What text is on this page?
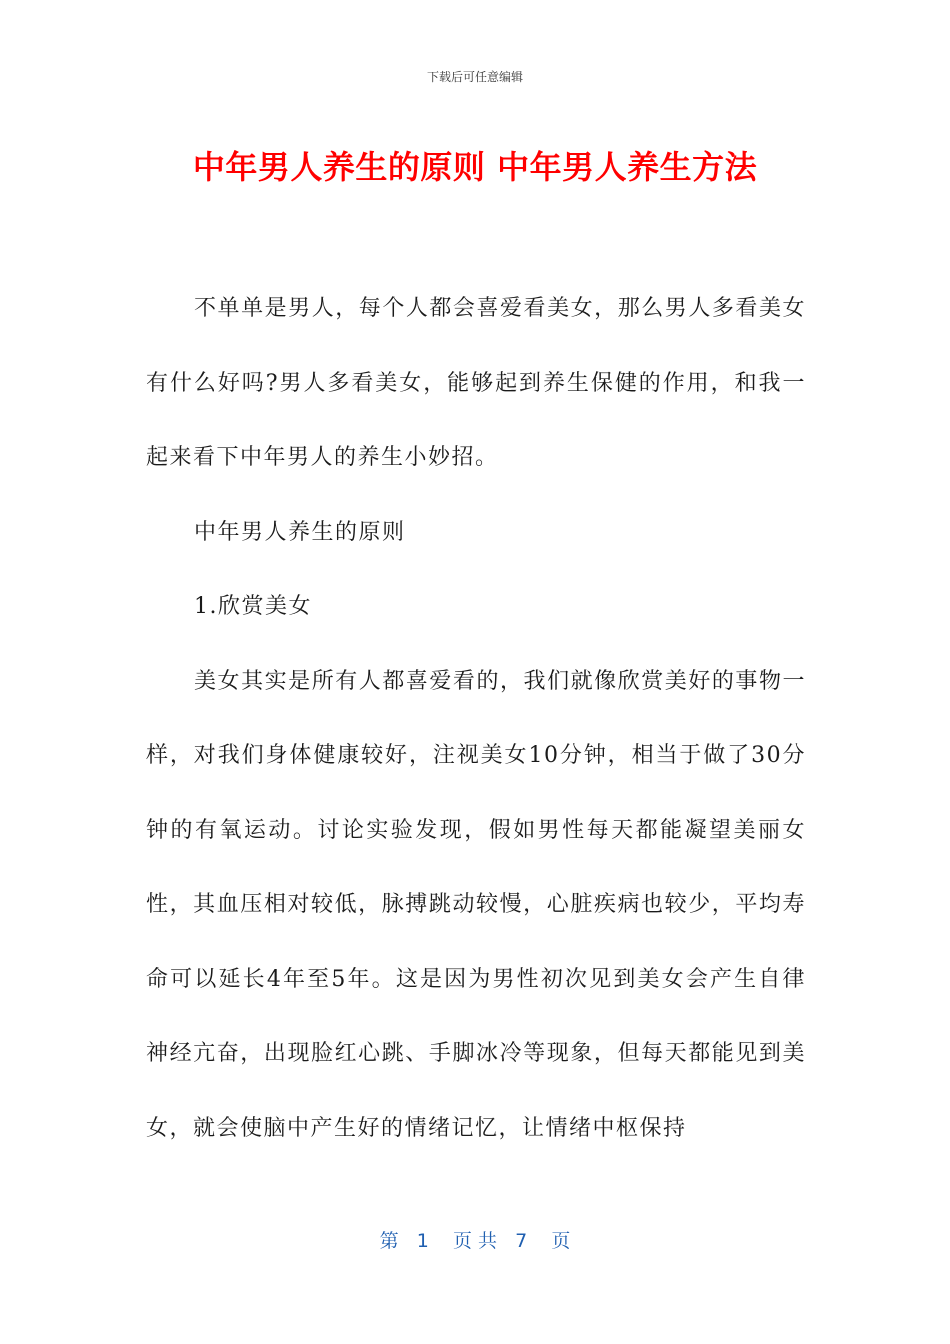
下载后可任意编辑
中年男人养生的原则 中年男人养生方法

不单单是男人，每个人都会喜爱看美女，那么男人多看美女有什么好吗?男人多看美女，能够起到养生保健的作用，和我一起来看下中年男人的养生小妙招。

中年男人养生的原则

1.欣赏美女

美女其实是所有人都喜爱看的，我们就像欣赏美好的事物一样，对我们身体健康较好，注视美女10分钟，相当于做了30分钟的有氧运动。讨论实验发现，假如男性每天都能凝望美丽女性，其血压相对较低，脉搏跳动较慢，心脏疾病也较少，平均寿命可以延长4年至5年。这是因为男性初次见到美女会产生自律神经亢奋，出现脸红心跳、手脚冰冷等现象，但每天都能见到美女，就会使脑中产生好的情绪记忆，让情绪中枢保持

第   1    页 共   7    页
